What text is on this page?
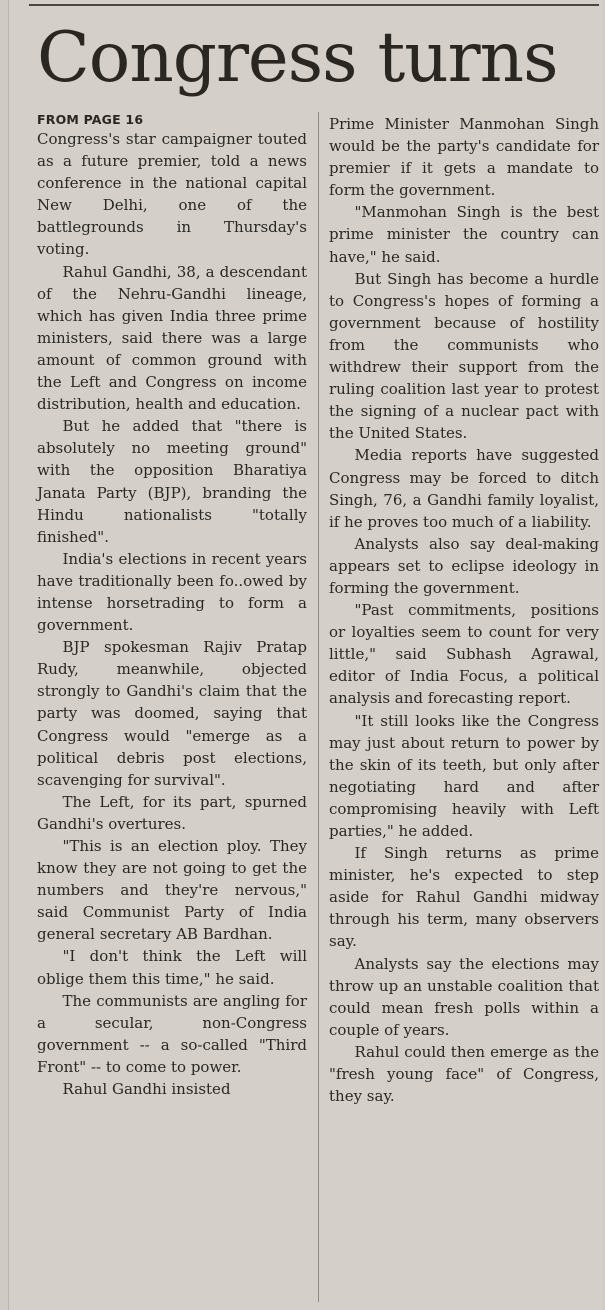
Congress turns
FROM PAGE 16

Congress's star campaigner touted as a future premier, told a news conference in the national capital New Delhi, one of the battlegrounds in Thursday's voting.

Rahul Gandhi, 38, a descendant of the Nehru-Gandhi lineage, which has given India three prime ministers, said there was a large amount of common ground with the Left and Congress on income distribution, health and education.

But he added that "there is absolutely no meeting ground" with the opposition Bharatiya Janata Party (BJP), branding the Hindu nationalists "totally finished".

India's elections in recent years have traditionally been fo..owed by intense horsetrading to form a government.

BJP spokesman Rajiv Pratap Rudy, meanwhile, objected strongly to Gandhi's claim that the party was doomed, saying that Congress would "emerge as a political debris post elections, scavenging for survival".

The Left, for its part, spurned Gandhi's overtures.

"This is an election ploy. They know they are not going to get the numbers and they're nervous," said Communist Party of India general secretary AB Bardhan.

"I don't think the Left will oblige them this time," he said.

The communists are angling for a secular, non-Congress government -- a so-called "Third Front" -- to come to power.

Rahul Gandhi insisted

Prime Minister Manmohan Singh would be the party's candidate for premier if it gets a mandate to form the government.

"Manmohan Singh is the best prime minister the country can have," he said.

But Singh has become a hurdle to Congress's hopes of forming a government because of hostility from the communists who withdrew their support from the ruling coalition last year to protest the signing of a nuclear pact with the United States.

Media reports have suggested Congress may be forced to ditch Singh, 76, a Gandhi family loyalist, if he proves too much of a liability.

Analysts also say deal-making appears set to eclipse ideology in forming the government.

"Past commitments, positions or loyalties seem to count for very little," said Subhash Agrawal, editor of India Focus, a political analysis and forecasting report.

"It still looks like the Congress may just about return to power by the skin of its teeth, but only after negotiating hard and after compromising heavily with Left parties," he added.

If Singh returns as prime minister, he's expected to step aside for Rahul Gandhi midway through his term, many observers say.

Analysts say the elections may throw up an unstable coalition that could mean fresh polls within a couple of years.

Rahul could then emerge as the "fresh young face" of Congress, they say.
